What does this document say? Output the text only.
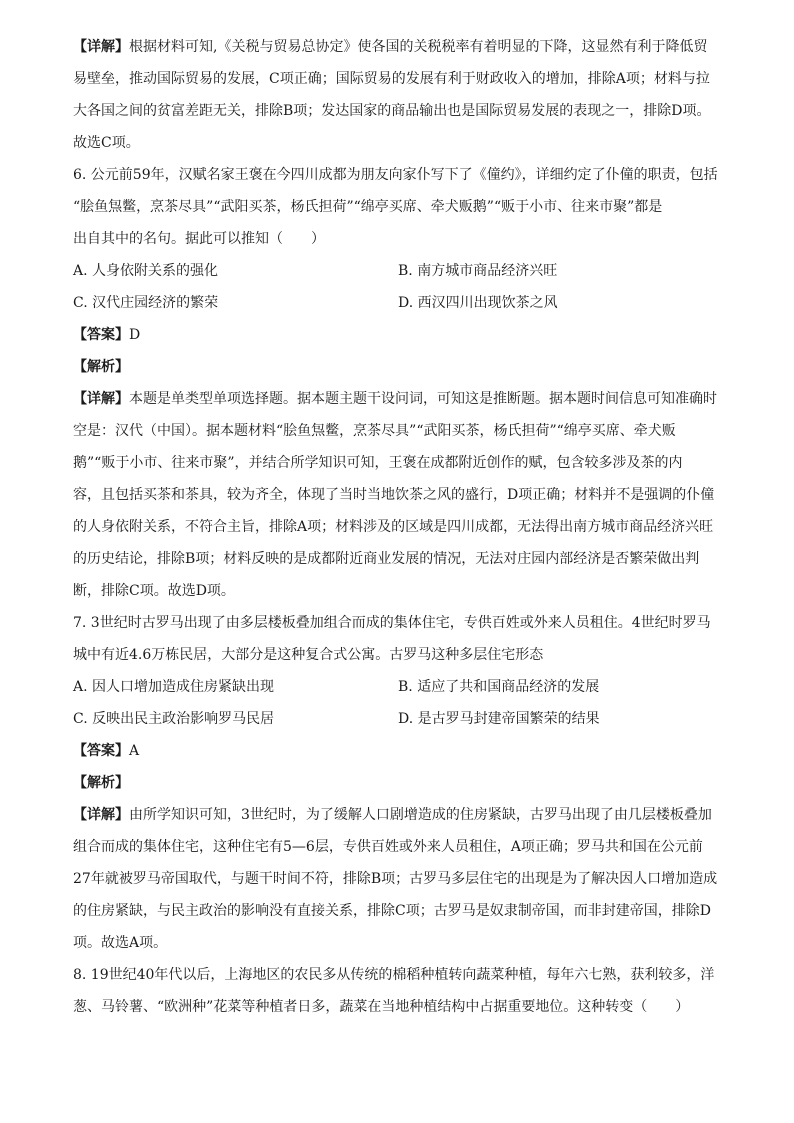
【详解】根据材料可知,《关税与贸易总协定》使各国的关税税率有着明显的下降，这显然有利于降低贸
易壁垒，推动国际贸易的发展，C项正确；国际贸易的发展有利于财政收入的增加，排除A项；材料与拉
大各国之间的贫富差距无关，排除B项；发达国家的商品输出也是国际贸易发展的表现之一，排除D项。
故选C项。
6. 公元前59年，汉赋名家王褒在今四川成都为朋友向家仆写下了《僮约》，详细约定了仆僮的职责，包括
“脍鱼炰鳖，烹茶尽具”“武阳买茶，杨氏担荷”“绵亭买席、牵犬贩鹅”“贩于小市、往来市聚”都是
出自其中的名句。据此可以推知（　　）
A. 人身依附关系的强化	B. 南方城市商品经济兴旺
C. 汉代庄园经济的繁荣	D. 西汉四川出现饮茶之风
【答案】D
【解析】
【详解】本题是单类型单项选择题。据本题主题干设问词，可知这是推断题。据本题时间信息可知准确时
空是：汉代（中国）。据本题材料“脍鱼炰鳖，烹茶尽具”“武阳买茶，杨氏担荷”“绵亭买席、牵犬贩
鹅”“贩于小市、往来市聚”，并结合所学知识可知，王褒在成都附近创作的赋，包含较多涉及茶的内
容，且包括买茶和茶具，较为齐全，体现了当时当地饮茶之风的盛行，D项正确；材料并不是强调的仆僮
的人身依附关系，不符合主旨，排除A项；材料涉及的区域是四川成都，无法得出南方城市商品经济兴旺
的历史结论，排除B项；材料反映的是成都附近商业发展的情况，无法对庄园内部经济是否繁荣做出判
断，排除C项。故选D项。
7. 3世纪时古罗马出现了由多层楼板叠加组合而成的集体住宅，专供百姓或外来人员租住。4世纪时罗马
城中有近4.6万栋民居，大部分是这种复合式公寓。古罗马这种多层住宅形态
A. 因人口增加造成住房紧缺出现	B. 适应了共和国商品经济的发展
C. 反映出民主政治影响罗马民居	D. 是古罗马封建帝国繁荣的结果
【答案】A
【解析】
【详解】由所学知识可知，3世纪时，为了缓解人口剧增造成的住房紧缺，古罗马出现了由几层楼板叠加
组合而成的集体住宅，这种住宅有5—6层，专供百姓或外来人员租住，A项正确；罗马共和国在公元前
27年就被罗马帝国取代，与题干时间不符，排除B项；古罗马多层住宅的出现是为了解决因人口增加造成
的住房紧缺，与民主政治的影响没有直接关系，排除C项；古罗马是奴隶制帝国，而非封建帝国，排除D
项。故选A项。
8. 19世纪40年代以后，上海地区的农民多从传统的棉稻种植转向蔬菜种植，每年六七熟，获利较多，洋
葱、马铃薯、“欧洲种”花菜等种植者日多，蔬菜在当地种植结构中占据重要地位。这种转变（　　）
